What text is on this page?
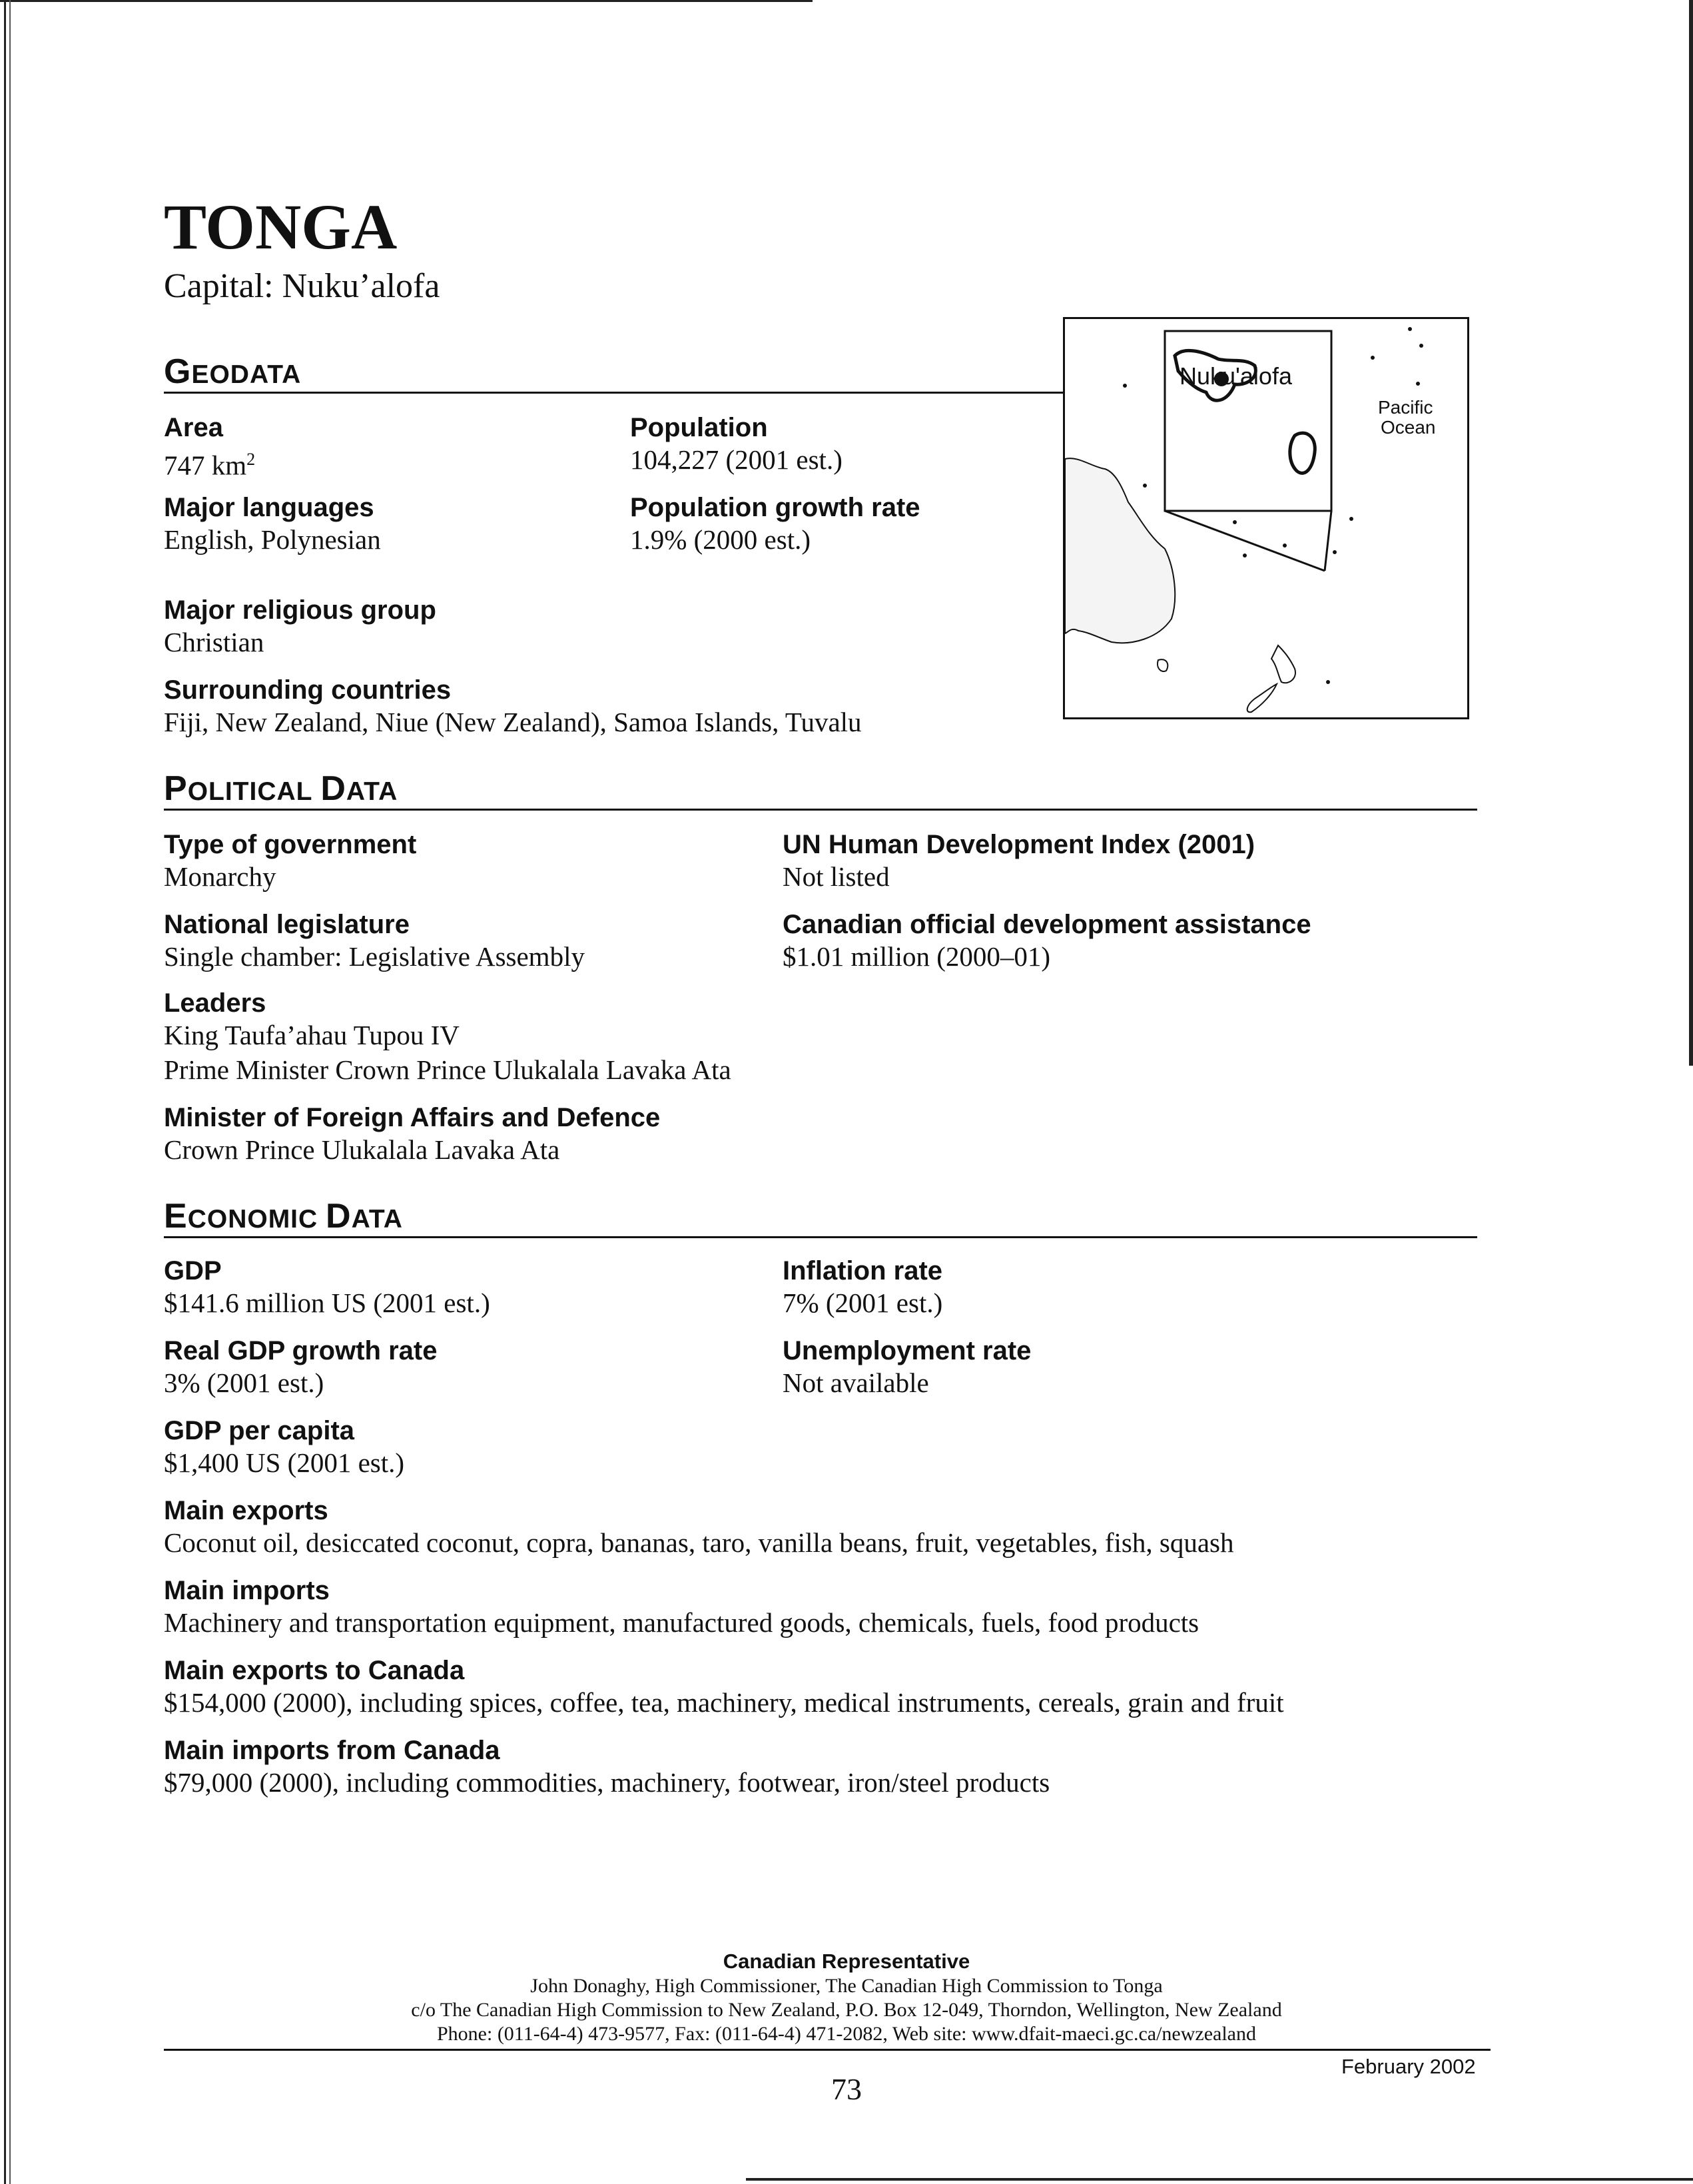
TONGA
Capital: Nuku’alofa
GEODATA
Area
747 $km^2$
Population
104,227 (2001 est.)
Major languages
English, Polynesian
Population growth rate
1.9% (2000 est.)
Major religious group
Christian
Surrounding countries
Fiji, New Zealand, Niue (New Zealand), Samoa Islands, Tuvalu
Nuku'alofa
Pacific
Ocean
POLITICAL DATA
Type of government
Monarchy
UN Human Development Index (2001)
Not listed
National legislature
Single chamber: Legislative Assembly
Canadian official development assistance
$1.01 million (2000–01)
Leaders
King Taufa’ahau Tupou IV
Prime Minister Crown Prince Ulukalala Lavaka Ata
Minister of Foreign Affairs and Defence
Crown Prince Ulukalala Lavaka Ata
ECONOMIC DATA
GDP
$141.6 million US (2001 est.)
Inflation rate
7% (2001 est.)
Real GDP growth rate
3% (2001 est.)
Unemployment rate
Not available
GDP per capita
$1,400 US (2001 est.)
Main exports
Coconut oil, desiccated coconut, copra, bananas, taro, vanilla beans, fruit, vegetables, fish, squash
Main imports
Machinery and transportation equipment, manufactured goods, chemicals, fuels, food products
Main exports to Canada
$154,000 (2000), including spices, coffee, tea, machinery, medical instruments, cereals, grain and fruit
Main imports from Canada
$79,000 (2000), including commodities, machinery, footwear, iron/steel products
Canadian Representative
John Donaghy, High Commissioner, The Canadian High Commission to Tonga
c/o The Canadian High Commission to New Zealand, P.O. Box 12-049, Thorndon, Wellington, New Zealand
Phone: (011-64-4) 473-9577, Fax: (011-64-4) 471-2082, Web site: www.dfait-maeci.gc.ca/newzealand
February 2002
73
